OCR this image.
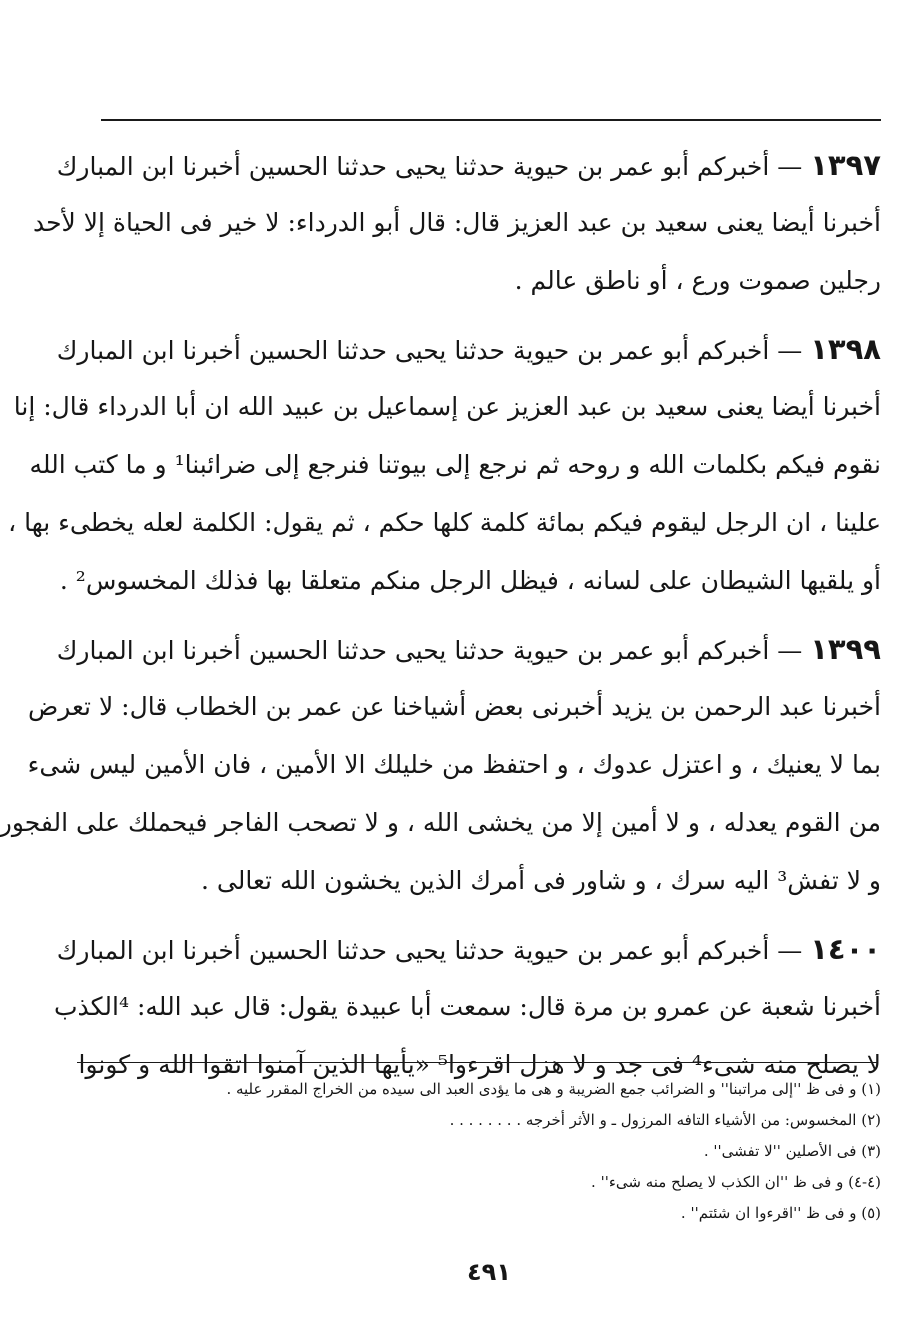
١٣٩٧ — أخبركم أبو عمر بن حيوية حدثنا يحيى حدثنا الحسين أخبرنا ابن المبارك
أخبرنا أيضا يعنى سعيد بن عبد العزيز قال: قال أبو الدرداء: لا خير فى الحياة إلا لأحد
رجلين صموت ورع ، أو ناطق عالم .
١٣٩٨ — أخبركم أبو عمر بن حيوية حدثنا يحيى حدثنا الحسين أخبرنا ابن المبارك
أخبرنا أيضا يعنى سعيد بن عبد العزيز عن إسماعيل بن عبيد الله ان أبا الدرداء قال: إنا
نقوم فيكم بكلمات الله و روحه ثم نرجع إلى بيوتنا فنرجع إلى ضرائبنا¹ و ما كتب الله
علينا ، ان الرجل ليقوم فيكم بمائة كلمة كلها حكم ، ثم يقول: الكلمة لعله يخطىء بها ،
أو يلقيها الشيطان على لسانه ، فيظل الرجل منكم متعلقا بها فذلك المخسوس² .
١٣٩٩ — أخبركم أبو عمر بن حيوية حدثنا يحيى حدثنا الحسين أخبرنا ابن المبارك
أخبرنا عبد الرحمن بن يزيد أخبرنى بعض أشياخنا عن عمر بن الخطاب قال: لا تعرض
بما لا يعنيك ، و اعتزل عدوك ، و احتفظ من خليلك الا الأمين ، فان الأمين ليس شىء
من القوم يعدله ، و لا أمين إلا من يخشى الله ، و لا تصحب الفاجر فيحملك على الفجور
و لا تفش³ اليه سرك ، و شاور فى أمرك الذين يخشون الله تعالى .
١٤٠٠ — أخبركم أبو عمر بن حيوية حدثنا يحيى حدثنا الحسين أخبرنا ابن المبارك
أخبرنا شعبة عن عمرو بن مرة قال: سمعت أبا عبيدة يقول: قال عبد الله: ⁴الكذب
لا يصلح منه شىء⁴ فى جد و لا هزل اقرءوا⁵ «يأيها الذين آمنوا اتقوا الله و كونوا
(١) و فى ظ ''إلى مراتبنا'' و الضرائب جمع الضريبة و هى ما يؤدى العبد الى سيده من الخراج المقرر عليه .
(٢) المخسوس: من الأشياء التافه المرزول ـ و الأثر أخرجه . . . . . . . .
(٣) فى الأصلين ''لا تفشى'' .
(٤-٤) و فى ظ ''ان الكذب لا يصلح منه شىء'' .
(٥) و فى ظ ''اقرءوا ان شئتم'' .
٤٩١
